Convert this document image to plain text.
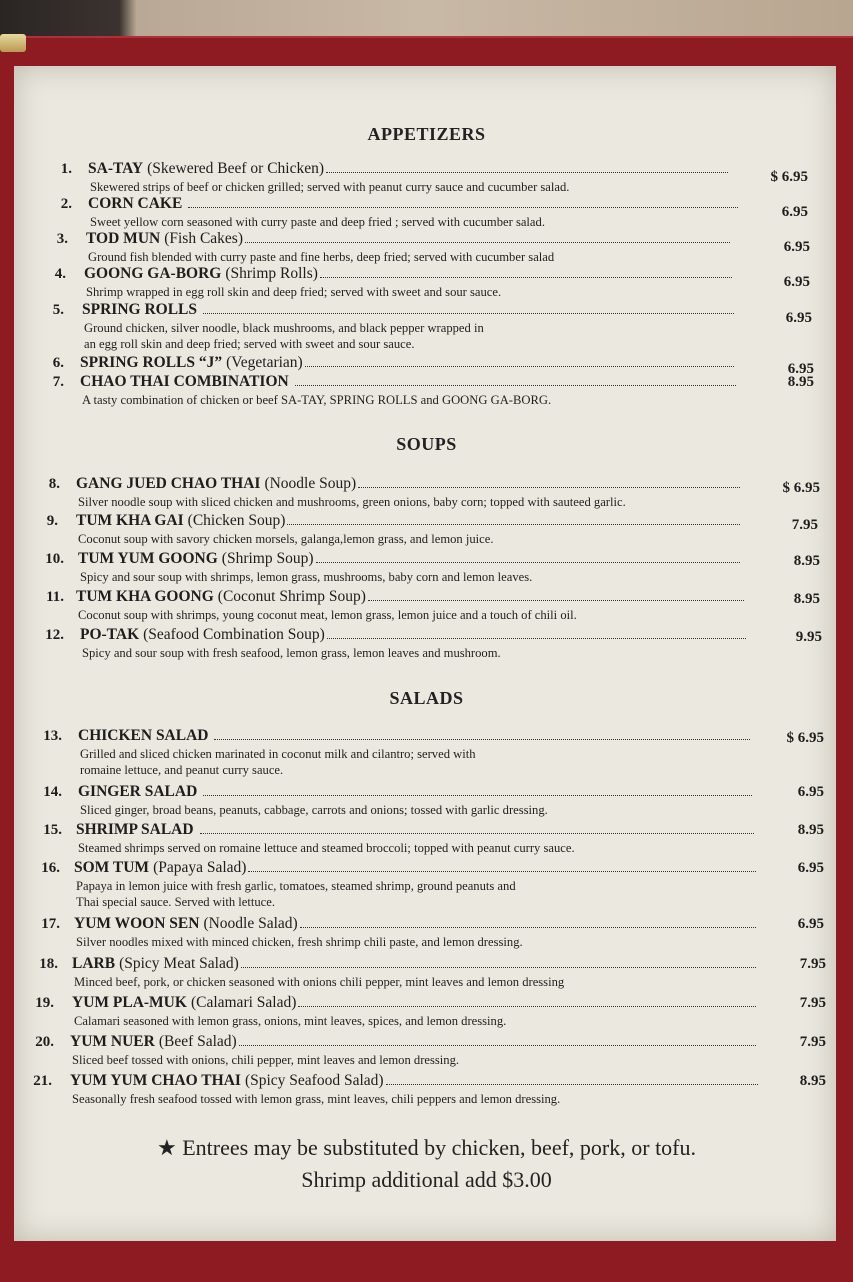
APPETIZERS
1. SA-TAY (Skewered Beef or Chicken)
Skewered strips of beef or chicken grilled; served with peanut curry sauce and cucumber salad.
$ 6.95
2. CORN CAKE
Sweet yellow corn seasoned with curry paste and deep fried ; served with cucumber salad.
6.95
3. TOD MUN (Fish Cakes)
Ground fish blended with curry paste and fine herbs, deep fried; served with cucumber salad
6.95
4. GOONG GA-BORG (Shrimp Rolls)
Shrimp wrapped in egg roll skin and deep fried; served with sweet and sour sauce.
6.95
5. SPRING ROLLS
Ground chicken, silver noodle, black mushrooms, and black pepper wrapped in
an egg roll skin and deep fried; served with sweet and sour sauce.
6.95
6. SPRING ROLLS “J” (Vegetarian)	6.95
7. CHAO THAI COMBINATION
A tasty combination of chicken or beef SA-TAY, SPRING ROLLS and GOONG GA-BORG.
8.95
SOUPS
8. GANG JUED CHAO THAI (Noodle Soup)
Silver noodle soup with sliced chicken and mushrooms, green onions, baby corn; topped with sauteed garlic.
$ 6.95
9. TUM KHA GAI (Chicken Soup)
Coconut soup with savory chicken morsels, galanga,lemon grass, and lemon juice.
7.95
10. TUM YUM GOONG (Shrimp Soup)
Spicy and sour soup with shrimps, lemon grass, mushrooms, baby corn and lemon leaves.
8.95
11. TUM KHA GOONG (Coconut Shrimp Soup)
Coconut soup with shrimps, young coconut meat, lemon grass, lemon juice and a touch of chili oil.
8.95
12. PO-TAK (Seafood Combination Soup)
Spicy and sour soup with fresh seafood, lemon grass, lemon leaves and mushroom.
9.95
SALADS
13. CHICKEN SALAD
Grilled and sliced chicken marinated in coconut milk and cilantro; served with
romaine lettuce, and peanut curry sauce.
$ 6.95
14. GINGER SALAD
Sliced ginger, broad beans, peanuts, cabbage, carrots and onions; tossed with garlic dressing.
6.95
15. SHRIMP SALAD
Steamed shrimps served on romaine lettuce and steamed broccoli; topped with peanut curry sauce.
8.95
16. SOM TUM (Papaya Salad)
Papaya in lemon juice with fresh garlic, tomatoes, steamed shrimp, ground peanuts and
Thai special sauce. Served with lettuce.
6.95
17. YUM WOON SEN (Noodle Salad)
Silver noodles mixed with minced chicken, fresh shrimp chili paste, and lemon dressing.
6.95
18. LARB (Spicy Meat Salad)
Minced beef, pork, or chicken seasoned with onions chili pepper, mint leaves and lemon dressing
7.95
19. YUM PLA-MUK (Calamari Salad)
Calamari seasoned with lemon grass, onions, mint leaves, spices, and lemon dressing.
7.95
20. YUM NUER (Beef Salad)
Sliced beef tossed with onions, chili pepper, mint leaves and lemon dressing.
7.95
21. YUM YUM CHAO THAI (Spicy Seafood Salad)
Seasonally fresh seafood tossed with lemon grass, mint leaves, chili peppers and lemon dressing.
8.95
★ Entrees may be substituted by chicken, beef, pork, or tofu.
Shrimp additional add $3.00
